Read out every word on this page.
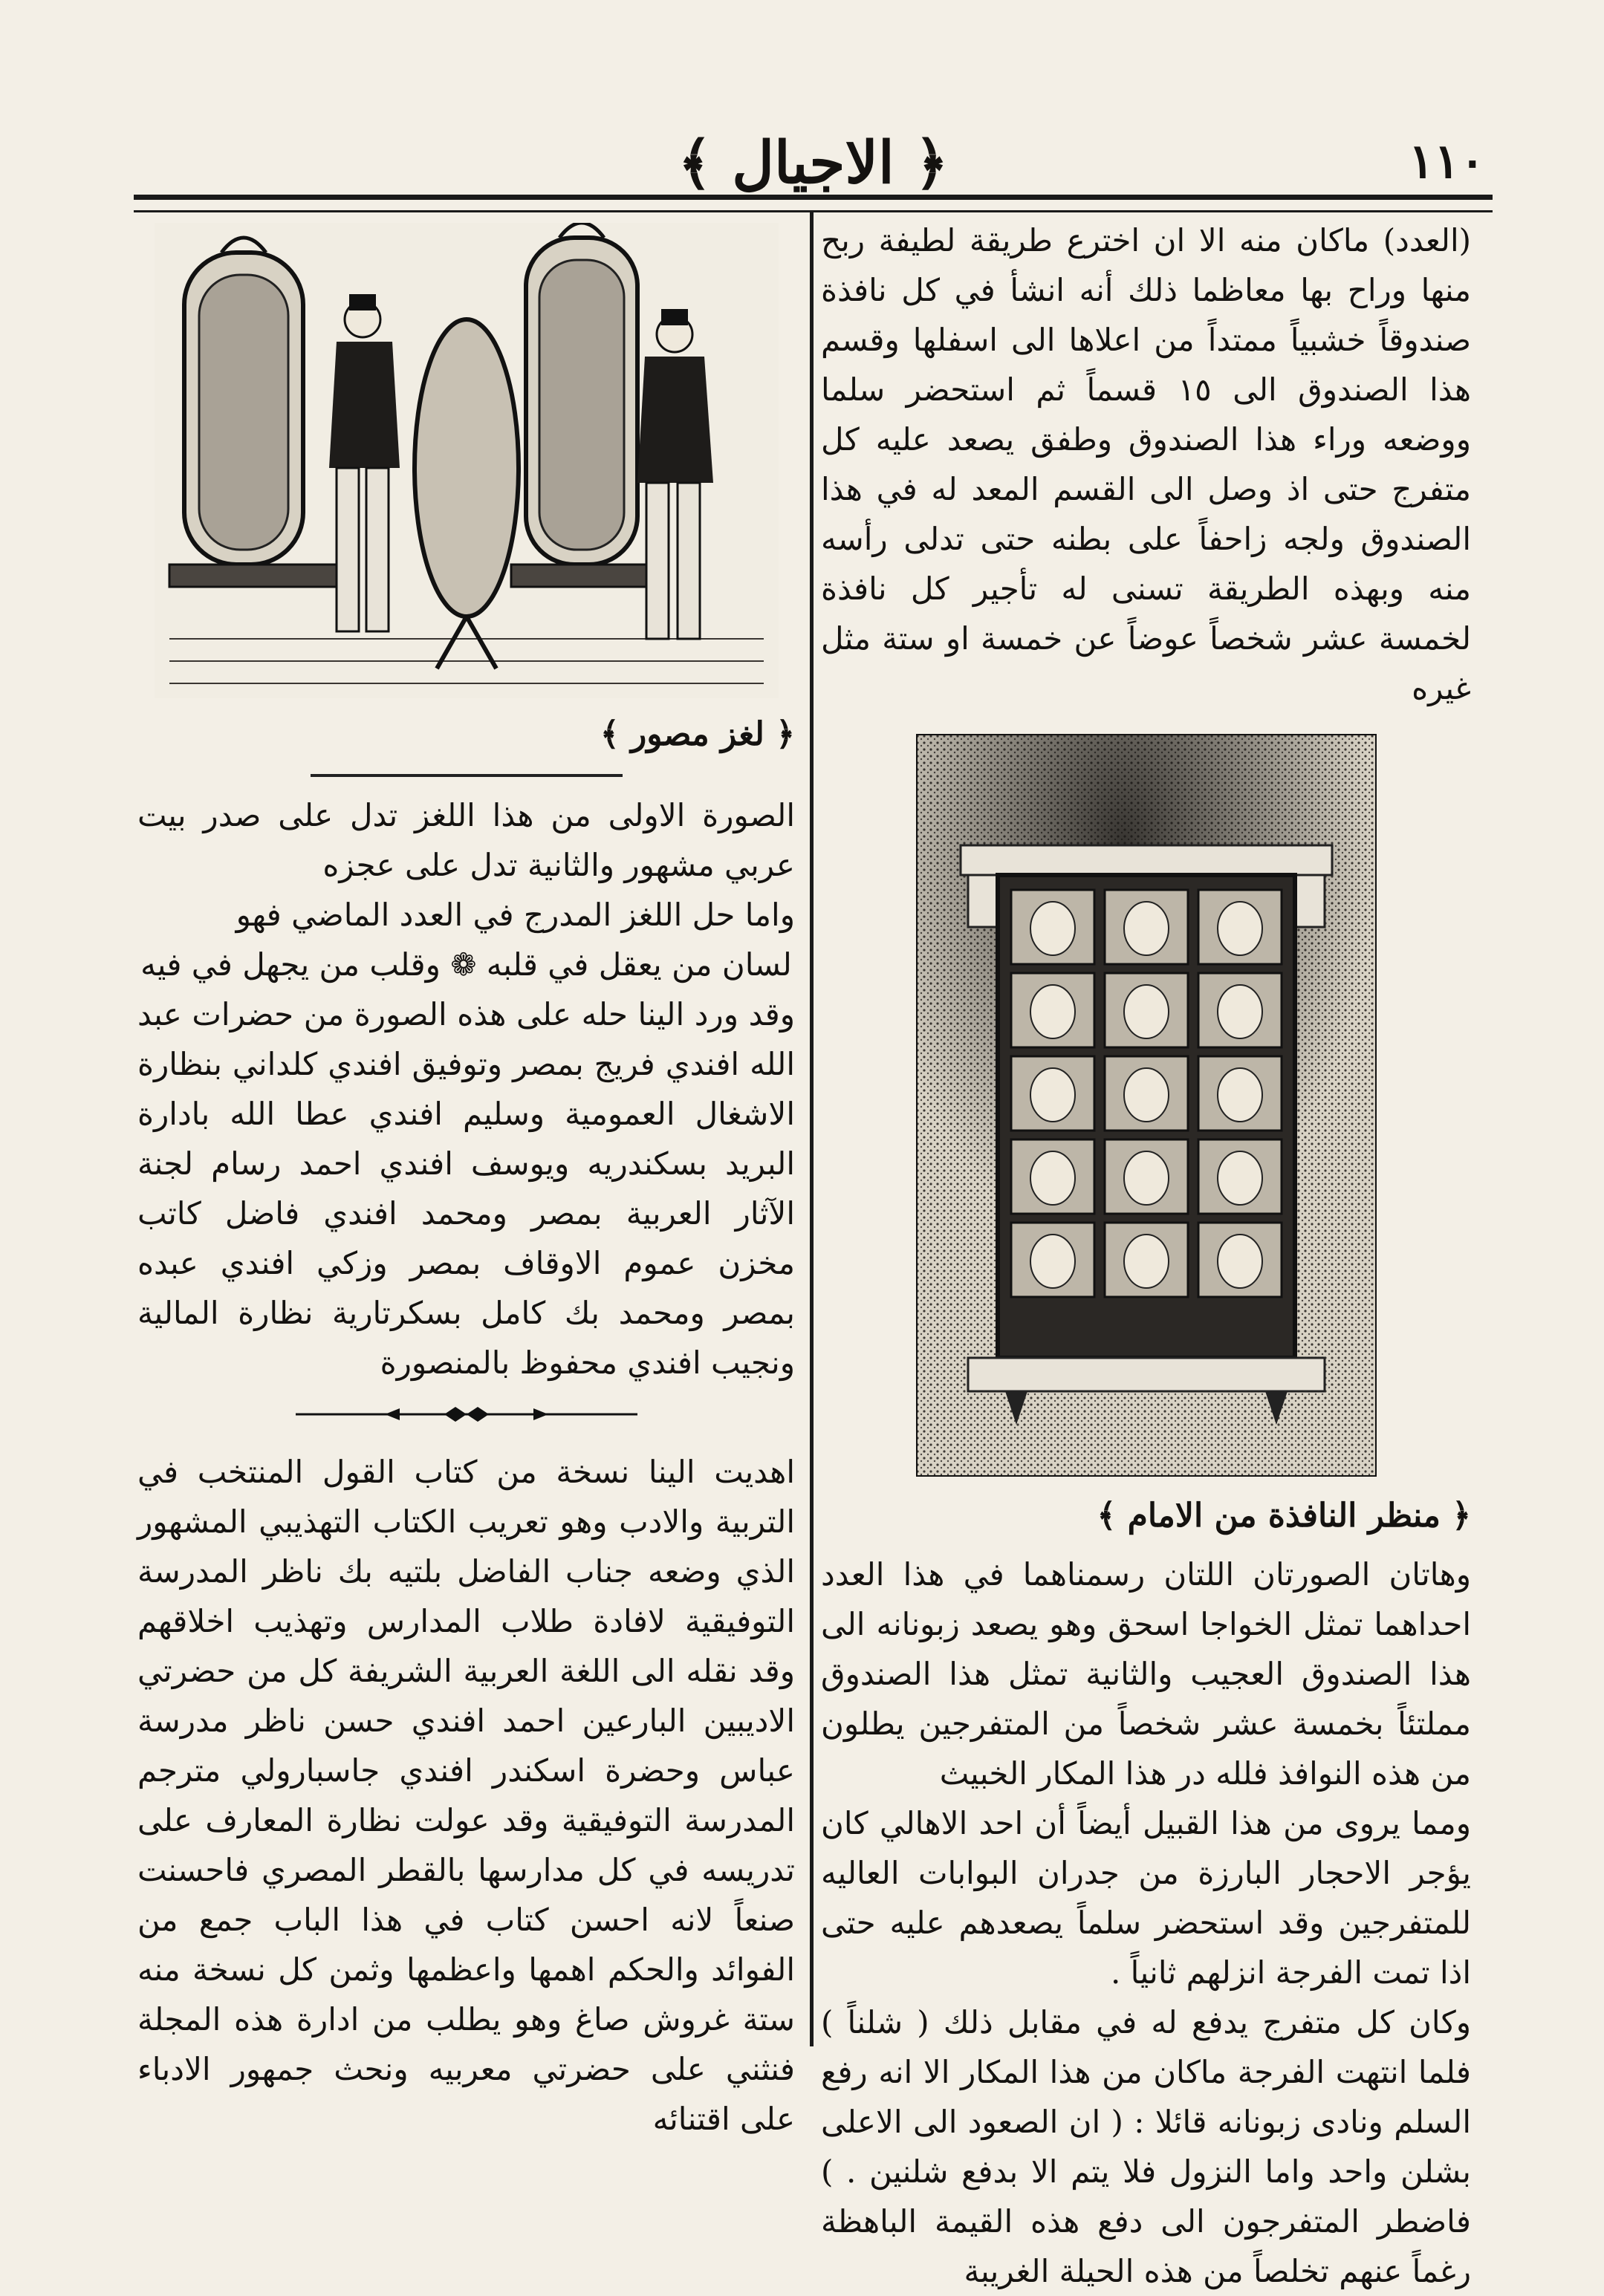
١١٠
﴿ الاجيال ﴾

(العدد) ماكان منه الا ان اخترع طريقة لطيفة ربح منها وراح بها معاظما ذلك أنه انشأ في كل نافذة صندوقاً خشبياً ممتداً من اعلاها الى اسفلها وقسم هذا الصندوق الى ١٥ قسماً ثم استحضر سلما ووضعه وراء هذا الصندوق وطفق يصعد عليه كل متفرج حتى اذ وصل الى القسم المعد له في هذا الصندوق ولجه زاحفاً على بطنه حتى تدلى رأسه منه وبهذه الطريقة تسنى له تأجير كل نافذة لخمسة عشر شخصاً عوضاً عن خمسة او ستة مثل غيره

﴿ منظر النافذة من الامام ﴾

وهاتان الصورتان اللتان رسمناهما في هذا العدد احداهما تمثل الخواجا اسحق وهو يصعد زبونانه الى هذا الصندوق العجيب والثانية تمثل هذا الصندوق مملتئاً بخمسة عشر شخصاً من المتفرجين يطلون من هذه النوافذ فلله در هذا المكار الخبيث

ومما يروى من هذا القبيل أيضاً أن احد الاهالي كان يؤجر الاحجار البارزة من جدران البوابات العاليه للمتفرجين وقد استحضر سلماً يصعدهم عليه حتى اذا تمت الفرجة انزلهم ثانياً .

وكان كل متفرج يدفع له في مقابل ذلك ( شلناً ) فلما انتهت الفرجة ماكان من هذا المكار الا انه رفع السلم ونادى زبونانه قائلا : ( ان الصعود الى الاعلى بشلن واحد واما النزول فلا يتم الا بدفع شلنين . ) فاضطر المتفرجون الى دفع هذه القيمة الباهظة رغماً عنهم تخلصاً من هذه الحيلة الغريبة

﴿ لغز مصور ﴾

الصورة الاولى من هذا اللغز تدل على صدر بيت عربي مشهور والثانية تدل على عجزه

واما حل اللغز المدرج في العدد الماضي فهو

لسان من يعقل في قلبه ❁ وقلب من يجهل في فيه

وقد ورد الينا حله على هذه الصورة من حضرات عبد الله افندي فريج بمصر وتوفيق افندي كلداني بنظارة الاشغال العمومية وسليم افندي عطا الله بادارة البريد بسكندريه ويوسف افندي احمد رسام لجنة الآثار العربية بمصر ومحمد افندي فاضل كاتب مخزن عموم الاوقاف بمصر وزكي افندي عبده بمصر ومحمد بك كامل بسكرتارية نظارة المالية ونجيب افندي محفوظ بالمنصورة

اهديت الينا نسخة من كتاب القول المنتخب في التربية والادب وهو تعريب الكتاب التهذيبي المشهور الذي وضعه جناب الفاضل بلتيه بك ناظر المدرسة التوفيقية لافادة طلاب المدارس وتهذيب اخلاقهم وقد نقله الى اللغة العربية الشريفة كل من حضرتي الاديبين البارعين احمد افندي حسن ناظر مدرسة عباس وحضرة اسكندر افندي جاسبارولي مترجم المدرسة التوفيقية وقد عولت نظارة المعارف على تدريسه في كل مدارسها بالقطر المصري فاحسنت صنعاً لانه احسن كتاب في هذا الباب جمع من الفوائد والحكم اهمها واعظمها وثمن كل نسخة منه ستة غروش صاغ وهو يطلب من ادارة هذه المجلة فنثني على حضرتي معربيه ونحث جمهور الادباء على اقتنائه
